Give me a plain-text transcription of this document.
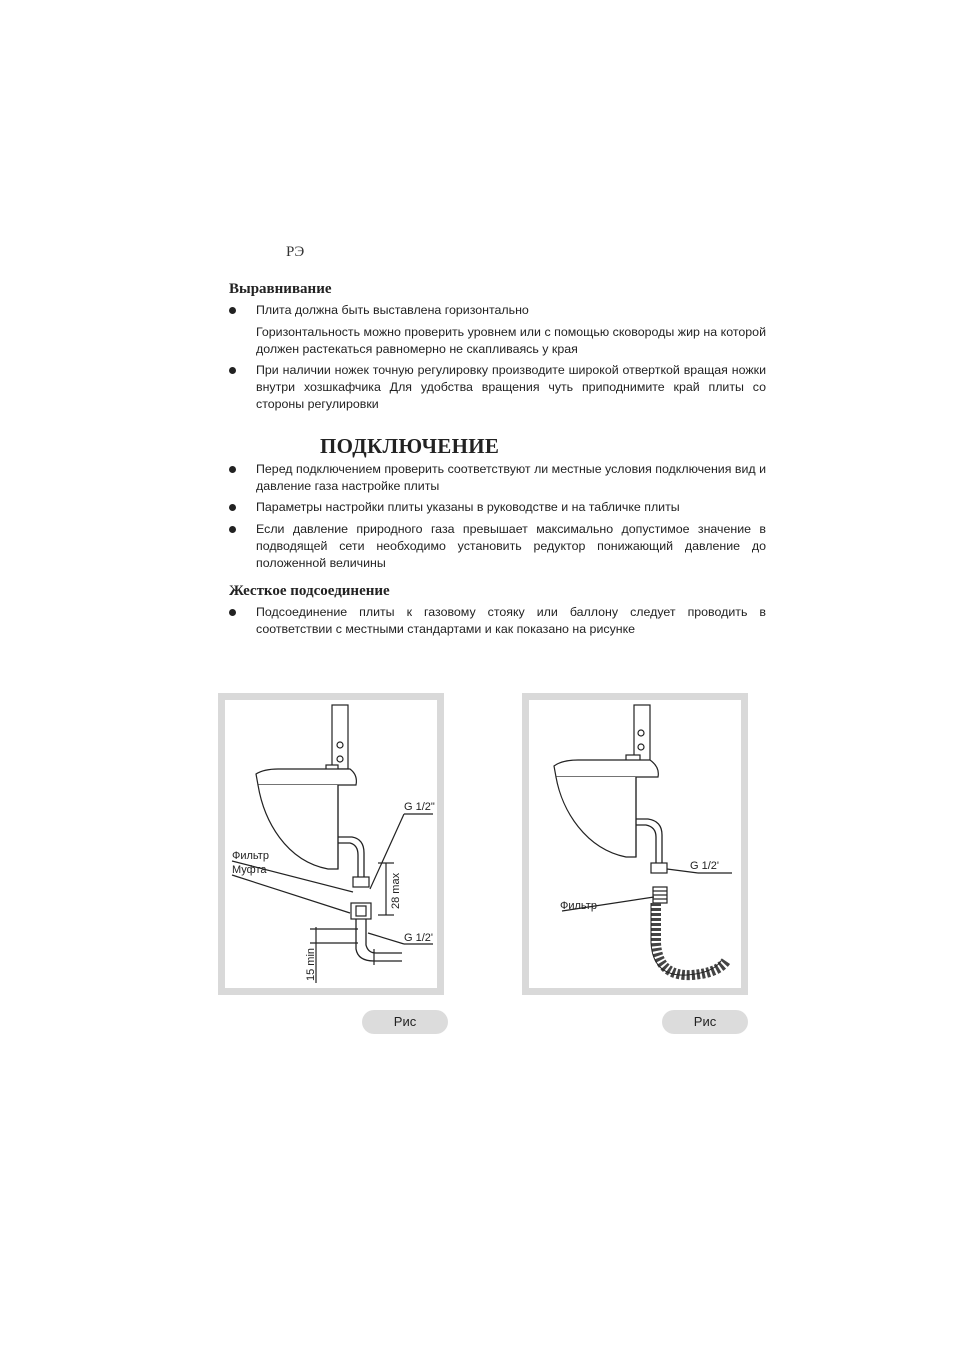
РЭ
Выравнивание
Плита должна быть выставлена горизонтально
Горизонтальность можно проверить уровнем или с помощью сковороды жир на которой должен растекаться равномерно не скапливаясь у края
При наличии ножек точную регулировку производите широкой отверткой вращая ножки внутри хозшкафчика Для удобства вращения чуть приподнимите край плиты со стороны регулировки
ПОДКЛЮЧЕНИЕ
Перед подключением проверить соответствуют ли местные условия подключения вид и давление газа настройке плиты
Параметры настройки плиты указаны в руководстве и на табличке плиты
Если давление природного газа превышает максимально допустимое значение в подводящей сети необходимо установить редуктор понижающий давление до положенной величины
Жесткое подсоединение
Подсоединение плиты к газовому стояку или баллону следует проводить в соответствии с местными стандартами и как показано на рисунке
G 1/2"
Фильтр
Муфта
28 max
G 1/2'
15 min
Рис
G 1/2'
Фильтр
Рис
